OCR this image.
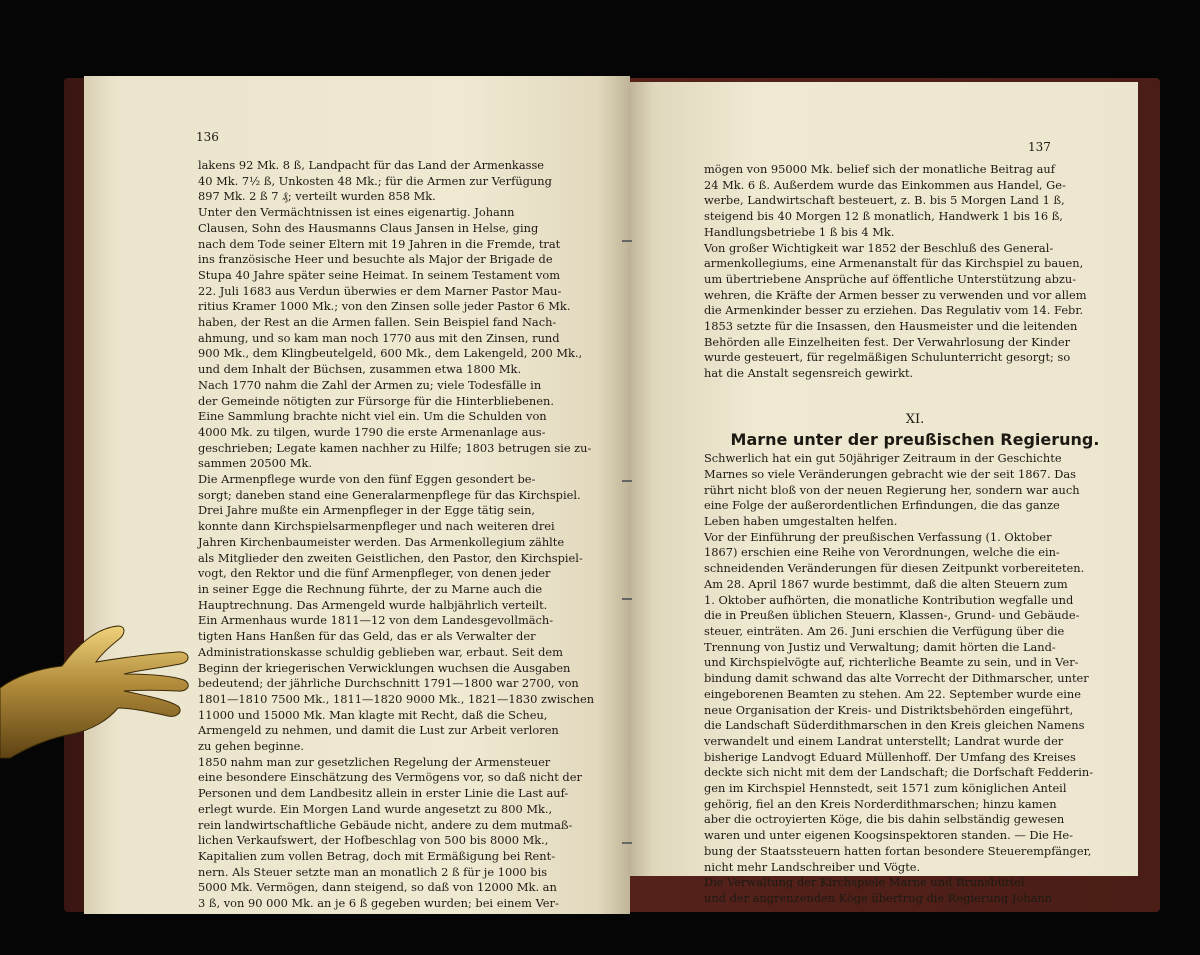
136
lakens 92 Mk. 8 ß, Landpacht für das Land der Armenkasse
40 Mk. 7½ ß, Unkosten 48 Mk.; für die Armen zur Verfügung
897 Mk. 2 ß 7 ₰; verteilt wurden 858 Mk.
Unter den Vermächtnissen ist eines eigenartig. Johann
Clausen, Sohn des Hausmanns Claus Jansen in Helse, ging
nach dem Tode seiner Eltern mit 19 Jahren in die Fremde, trat
ins französische Heer und besuchte als Major der Brigade de
Stupa 40 Jahre später seine Heimat. In seinem Testament vom
22. Juli 1683 aus Verdun überwies er dem Marner Pastor Mau-
ritius Kramer 1000 Mk.; von den Zinsen solle jeder Pastor 6 Mk.
haben, der Rest an die Armen fallen. Sein Beispiel fand Nach-
ahmung, und so kam man noch 1770 aus mit den Zinsen, rund
900 Mk., dem Klingbeutelgeld, 600 Mk., dem Lakengeld, 200 Mk.,
und dem Inhalt der Büchsen, zusammen etwa 1800 Mk.
Nach 1770 nahm die Zahl der Armen zu; viele Todesfälle in
der Gemeinde nötigten zur Fürsorge für die Hinterbliebenen.
Eine Sammlung brachte nicht viel ein. Um die Schulden von
4000 Mk. zu tilgen, wurde 1790 die erste Armenanlage aus-
geschrieben; Legate kamen nachher zu Hilfe; 1803 betrugen sie zu-
sammen 20500 Mk.
Die Armenpflege wurde von den fünf Eggen gesondert be-
sorgt; daneben stand eine Generalarmenpflege für das Kirchspiel.
Drei Jahre mußte ein Armenpfleger in der Egge tätig sein,
konnte dann Kirchspielsarmenpfleger und nach weiteren drei
Jahren Kirchenbaumeister werden. Das Armenkollegium zählte
als Mitglieder den zweiten Geistlichen, den Pastor, den Kirchspiel-
vogt, den Rektor und die fünf Armenpfleger, von denen jeder
in seiner Egge die Rechnung führte, der zu Marne auch die
Hauptrechnung. Das Armengeld wurde halbjährlich verteilt.
Ein Armenhaus wurde 1811—12 von dem Landesgevollmäch-
tigten Hans Hanßen für das Geld, das er als Verwalter der
Administrationskasse schuldig geblieben war, erbaut. Seit dem
Beginn der kriegerischen Verwicklungen wuchsen die Ausgaben
bedeutend; der jährliche Durchschnitt 1791—1800 war 2700, von
1801—1810 7500 Mk., 1811—1820 9000 Mk., 1821—1830 zwischen
11000 und 15000 Mk. Man klagte mit Recht, daß die Scheu,
Armengeld zu nehmen, und damit die Lust zur Arbeit verloren
zu gehen beginne.
1850 nahm man zur gesetzlichen Regelung der Armensteuer
eine besondere Einschätzung des Vermögens vor, so daß nicht der
Personen und dem Landbesitz allein in erster Linie die Last auf-
erlegt wurde. Ein Morgen Land wurde angesetzt zu 800 Mk.,
rein landwirtschaftliche Gebäude nicht, andere zu dem mutmaß-
lichen Verkaufswert, der Hofbeschlag von 500 bis 8000 Mk.,
Kapitalien zum vollen Betrag, doch mit Ermäßigung bei Rent-
nern. Als Steuer setzte man an monatlich 2 ß für je 1000 bis
5000 Mk. Vermögen, dann steigend, so daß von 12000 Mk. an
3 ß, von 90 000 Mk. an je 6 ß gegeben wurden; bei einem Ver-
137
mögen von 95000 Mk. belief sich der monatliche Beitrag auf
24 Mk. 6 ß. Außerdem wurde das Einkommen aus Handel, Ge-
werbe, Landwirtschaft besteuert, z. B. bis 5 Morgen Land 1 ß,
steigend bis 40 Morgen 12 ß monatlich, Handwerk 1 bis 16 ß,
Handlungsbetriebe 1 ß bis 4 Mk.
Von großer Wichtigkeit war 1852 der Beschluß des General-
armenkollegiums, eine Armenanstalt für das Kirchspiel zu bauen,
um übertriebene Ansprüche auf öffentliche Unterstützung abzu-
wehren, die Kräfte der Armen besser zu verwenden und vor allem
die Armenkinder besser zu erziehen. Das Regulativ vom 14. Febr.
1853 setzte für die Insassen, den Hausmeister und die leitenden
Behörden alle Einzelheiten fest. Der Verwahrlosung der Kinder
wurde gesteuert, für regelmäßigen Schulunterricht gesorgt; so
hat die Anstalt segensreich gewirkt.
XI.
Marne unter der preußischen Regierung.
Schwerlich hat ein gut 50jähriger Zeitraum in der Geschichte
Marnes so viele Veränderungen gebracht wie der seit 1867. Das
rührt nicht bloß von der neuen Regierung her, sondern war auch
eine Folge der außerordentlichen Erfindungen, die das ganze
Leben haben umgestalten helfen.
Vor der Einführung der preußischen Verfassung (1. Oktober
1867) erschien eine Reihe von Verordnungen, welche die ein-
schneidenden Veränderungen für diesen Zeitpunkt vorbereiteten.
Am 28. April 1867 wurde bestimmt, daß die alten Steuern zum
1. Oktober aufhörten, die monatliche Kontribution wegfalle und
die in Preußen üblichen Steuern, Klassen-, Grund- und Gebäude-
steuer, einträten. Am 26. Juni erschien die Verfügung über die
Trennung von Justiz und Verwaltung; damit hörten die Land-
und Kirchspielvögte auf, richterliche Beamte zu sein, und in Ver-
bindung damit schwand das alte Vorrecht der Dithmarscher, unter
eingeborenen Beamten zu stehen. Am 22. September wurde eine
neue Organisation der Kreis- und Distriktsbehörden eingeführt,
die Landschaft Süderdithmarschen in den Kreis gleichen Namens
verwandelt und einem Landrat unterstellt; Landrat wurde der
bisherige Landvogt Eduard Müllenhoff. Der Umfang des Kreises
deckte sich nicht mit dem der Landschaft; die Dorfschaft Fedderin-
gen im Kirchspiel Hennstedt, seit 1571 zum königlichen Anteil
gehörig, fiel an den Kreis Norderdithmarschen; hinzu kamen
aber die octroyierten Köge, die bis dahin selbständig gewesen
waren und unter eigenen Koogsinspektoren standen. — Die He-
bung der Staatssteuern hatten fortan besondere Steuerempfänger,
nicht mehr Landschreiber und Vögte.
Die Verwaltung der Kirchspiele Marne und Brunsbüttel
und der angrenzenden Köge übertrug die Regierung Johann
